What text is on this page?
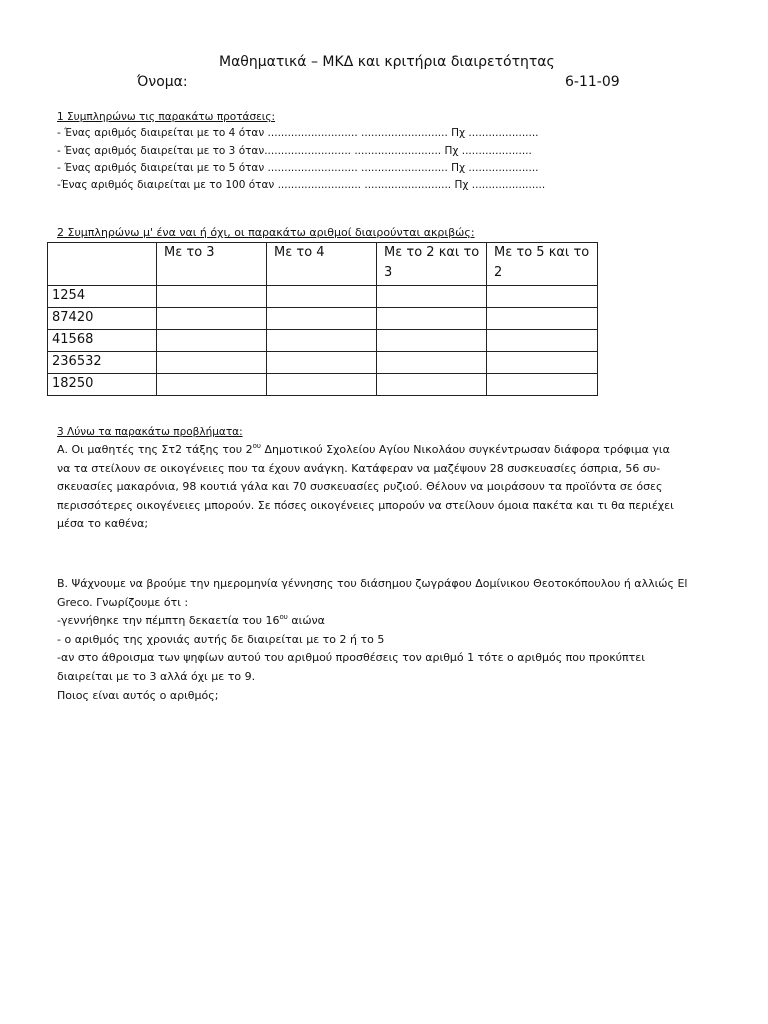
Μαθηματικά – ΜΚΔ και κριτήρια διαιρετότητας
Όνομα:	6-11-09
1 Συμπληρώνω τις παρακάτω προτάσεις:
- Ένας αριθμός διαιρείται με το 4 όταν ........................... .......................... Πχ .....................
- Ένας αριθμός διαιρείται με το 3 όταν.......................... .......................... Πχ .....................
- Ένας αριθμός διαιρείται με το 5 όταν ........................... .......................... Πχ .....................
-Ένας αριθμός διαιρείται με το 100 όταν ......................... .......................... Πχ ......................
2 Συμπληρώνω μ' ένα ναι ή όχι, οι παρακάτω αριθμοί διαιρούνται ακριβώς:
	Με το 3	Με το 4	Με το 2 και το 3	Με το 5 και το 2
1254				
87420				
41568				
236532				
18250				
3 Λύνω τα παρακάτω προβλήματα:
Α. Οι μαθητές της Στ2 τάξης του $2^{o\upsilon}$ Δημοτικού Σχολείου Αγίου Νικολάου συγκέντρωσαν διάφορα τρόφιμα για
να τα στείλουν σε οικογένειες που τα έχουν ανάγκη. Κατάφεραν να μαζέψουν 28 συσκευασίες όσπρια, 56 συ-
σκευασίες μακαρόνια, 98 κουτιά γάλα και 70 συσκευασίες ρυζιού. Θέλουν να μοιράσουν τα προϊόντα σε όσες
περισσότερες οικογένειες μπορούν. Σε πόσες οικογένειες μπορούν να στείλουν όμοια πακέτα και τι θα περιέχει
μέσα το καθένα;
Β. Ψάχνουμε να βρούμε την ημερομηνία γέννησης του διάσημου ζωγράφου Δομίνικου Θεοτοκόπουλου ή αλλιώς El
Greco. Γνωρίζουμε ότι :
-γεννήθηκε την πέμπτη δεκαετία του $16^{o\upsilon}$ αιώνα
- ο αριθμός της χρονιάς αυτής δε διαιρείται με το 2 ή το 5
-αν στο άθροισμα των ψηφίων αυτού του αριθμού προσθέσεις τον αριθμό 1 τότε ο αριθμός που προκύπτει
διαιρείται με το 3 αλλά όχι με το 9.
Ποιος είναι αυτός ο αριθμός;
